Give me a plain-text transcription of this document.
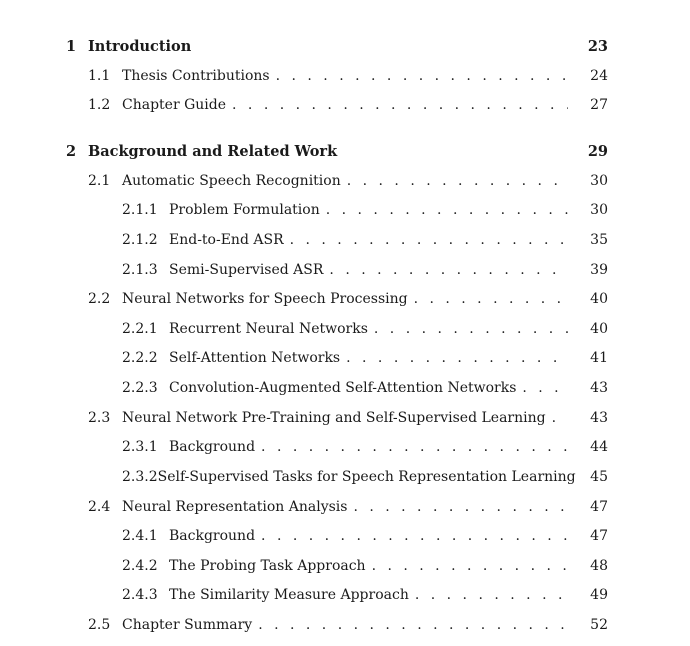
1 Introduction	23
1.1 Thesis Contributions . . .	24
1.2 Chapter Guide . . .	27
2 Background and Related Work	29
2.1 Automatic Speech Recognition . . .	30
2.1.1 Problem Formulation . . .	30
2.1.2 End-to-End ASR . . .	35
2.1.3 Semi-Supervised ASR . . .	39
2.2 Neural Networks for Speech Processing . . .	40
2.2.1 Recurrent Neural Networks . . .	40
2.2.2 Self-Attention Networks . . .	41
2.2.3 Convolution-Augmented Self-Attention Networks . . .	43
2.3 Neural Network Pre-Training and Self-Supervised Learning . . .	43
2.3.1 Background . . .	44
2.3.2 Self-Supervised Tasks for Speech Representation Learning 45
2.4 Neural Representation Analysis . . .	47
2.4.1 Background . . .	47
2.4.2 The Probing Task Approach . . .	48
2.4.3 The Similarity Measure Approach . . .	49
2.5 Chapter Summary . . .	52
